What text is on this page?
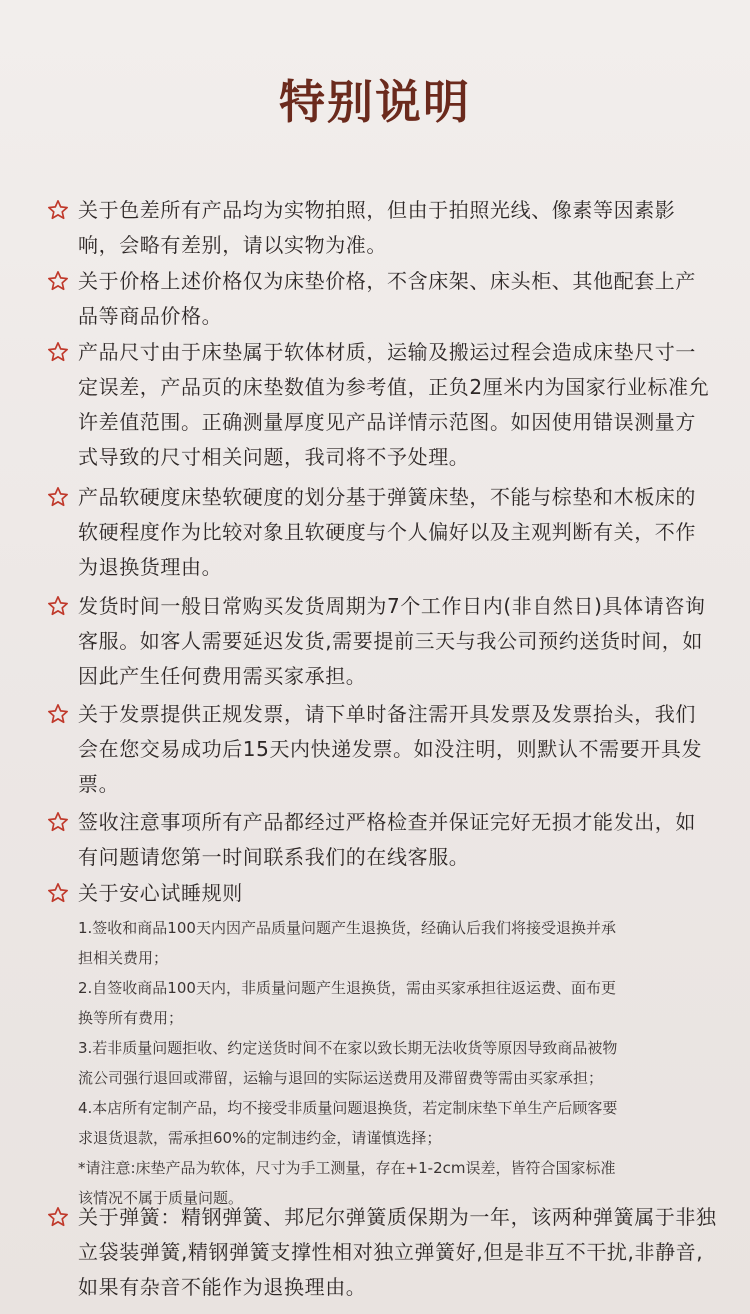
特别说明
关于色差所有产品均为实物拍照，但由于拍照光线、像素等因素影
响，会略有差别，请以实物为准。
关于价格上述价格仅为床垫价格，不含床架、床头柜、其他配套上产
品等商品价格。
产品尺寸由于床垫属于软体材质，运输及搬运过程会造成床垫尺寸一
定误差，产品页的床垫数值为参考值，正负2厘米内为国家行业标准允
许差值范围。正确测量厚度见产品详情示范图。如因使用错误测量方
式导致的尺寸相关问题，我司将不予处理。
产品软硬度床垫软硬度的划分基于弹簧床垫，不能与棕垫和木板床的
软硬程度作为比较对象且软硬度与个人偏好以及主观判断有关，不作
为退换货理由。
发货时间一般日常购买发货周期为7个工作日内(非自然日)具体请咨询
客服。如客人需要延迟发货,需要提前三天与我公司预约送货时间，如
因此产生任何费用需买家承担。
关于发票提供正规发票，请下单时备注需开具发票及发票抬头，我们
会在您交易成功后15天内快递发票。如没注明，则默认不需要开具发
票。
签收注意事项所有产品都经过严格检查并保证完好无损才能发出，如
有问题请您第一时间联系我们的在线客服。
关于安心试睡规则
1.签收和商品100天内因产品质量问题产生退换货，经确认后我们将接受退换并承
担相关费用；
2.自签收商品100天内，非质量问题产生退换货，需由买家承担往返运费、面布更
换等所有费用；
3.若非质量问题拒收、约定送货时间不在家以致长期无法收货等原因导致商品被物
流公司强行退回或滞留，运输与退回的实际运送费用及滞留费等需由买家承担；
4.本店所有定制产品，均不接受非质量问题退换货，若定制床垫下单生产后顾客要
求退货退款，需承担60%的定制违约金，请谨慎选择；
*请注意:床垫产品为软体，尺寸为手工测量，存在+1-2cm误差，皆符合国家标准
该情况不属于质量问题。
关于弹簧：精钢弹簧、邦尼尔弹簧质保期为一年，该两种弹簧属于非独
立袋装弹簧,精钢弹簧支撑性相对独立弹簧好,但是非互不干扰,非静音,
如果有杂音不能作为退换理由。
